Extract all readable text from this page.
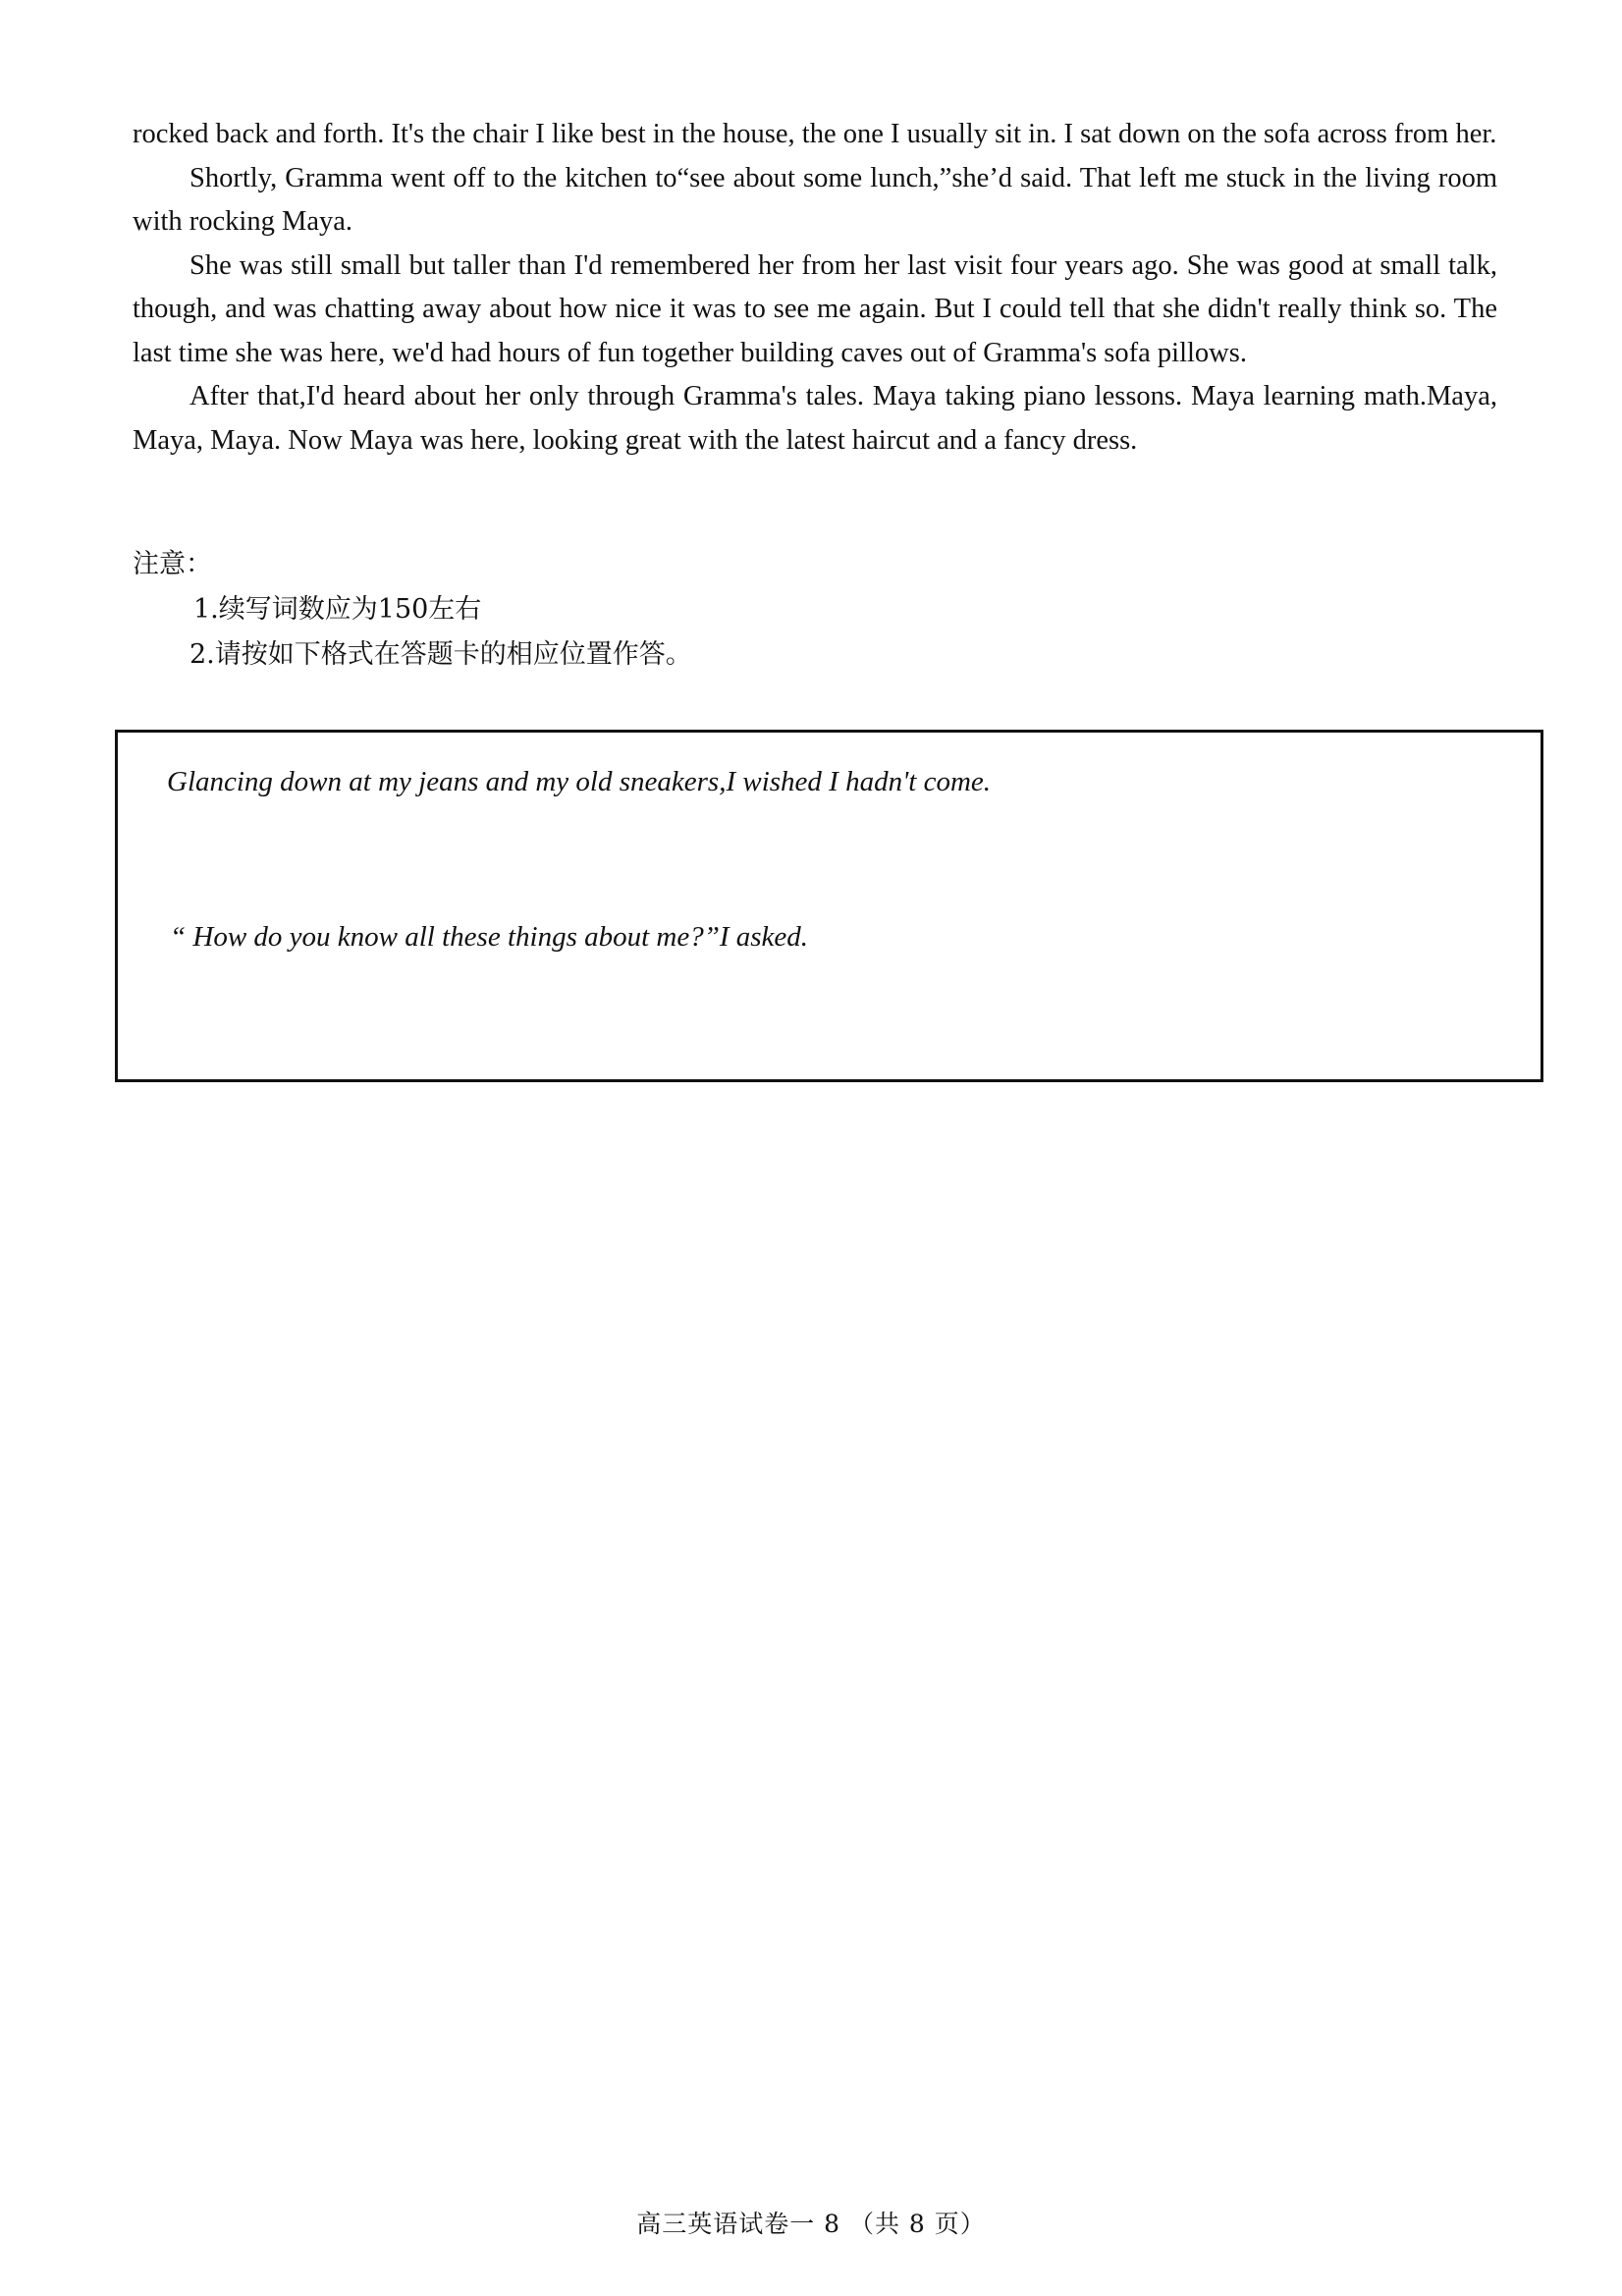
rocked back and forth. It's the chair I like best in the house, the one I usually sit in. I sat down on the sofa across from her.

Shortly, Gramma went off to the kitchen to“see about some lunch,”she’d said. That left me stuck in the living room with rocking Maya.

She was still small but taller than I'd remembered her from her last visit four years ago. She was good at small talk, though, and was chatting away about how nice it was to see me again. But I could tell that she didn't really think so. The last time she was here, we'd had hours of fun together building caves out of Gramma's sofa pillows.

After that,I'd heard about her only through Gramma's tales. Maya taking piano lessons. Maya learning math.Maya, Maya, Maya. Now Maya was here, looking great with the latest haircut and a fancy dress.

注意：
1.续写词数应为150左右
2.请按如下格式在答题卡的相应位置作答。
Glancing down at my jeans and my old sneakers,I wished I hadn't come.
“ How do you know all these things about me?”I asked.
高三英语试卷一 8 （共 8 页）
